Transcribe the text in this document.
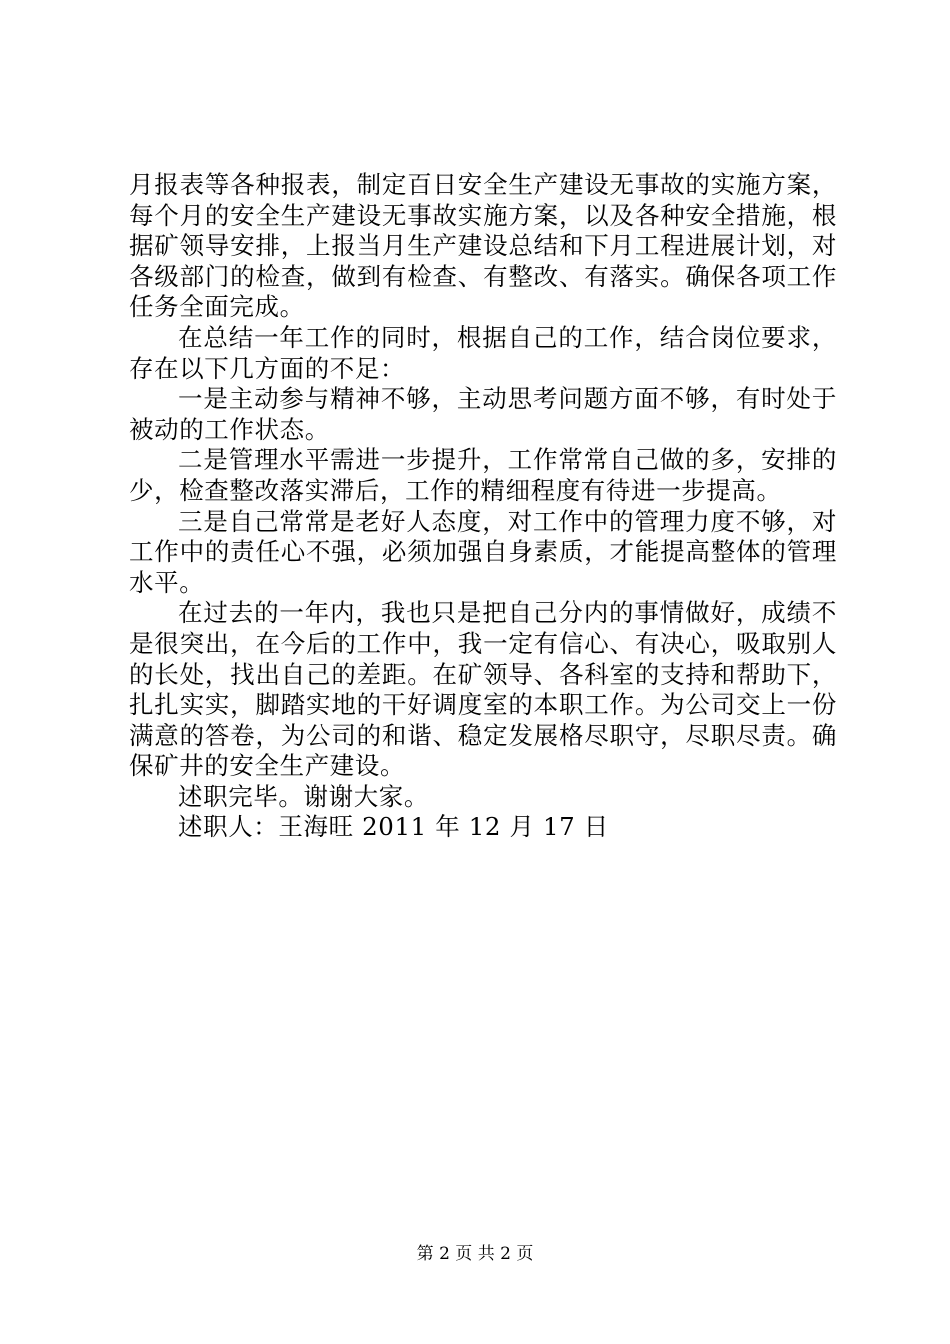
月报表等各种报表，制定百日安全生产建设无事故的实施方案，每个月的安全生产建设无事故实施方案，以及各种安全措施，根据矿领导安排，上报当月生产建设总结和下月工程进展计划，对各级部门的检查，做到有检查、有整改、有落实。确保各项工作任务全面完成。

在总结一年工作的同时，根据自己的工作，结合岗位要求，存在以下几方面的不足：

一是主动参与精神不够，主动思考问题方面不够，有时处于被动的工作状态。

二是管理水平需进一步提升，工作常常自己做的多，安排的少，检查整改落实滞后，工作的精细程度有待进一步提高。

三是自己常常是老好人态度，对工作中的管理力度不够，对工作中的责任心不强，必须加强自身素质，才能提高整体的管理水平。

在过去的一年内，我也只是把自己分内的事情做好，成绩不是很突出，在今后的工作中，我一定有信心、有决心，吸取别人的长处，找出自己的差距。在矿领导、各科室的支持和帮助下，扎扎实实，脚踏实地的干好调度室的本职工作。为公司交上一份满意的答卷，为公司的和谐、稳定发展格尽职守，尽职尽责。确保矿井的安全生产建设。

述职完毕。谢谢大家。

述职人：王海旺 2011 年 12 月 17 日

第 2 页 共 2 页
